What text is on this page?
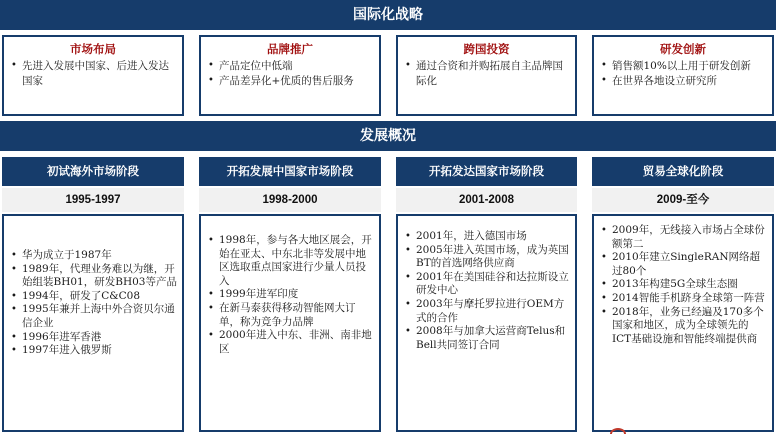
国际化战略
市场布局
• 先进入发展中国家、后进入发达国家
品牌推广
• 产品定位中低端
• 产品差异化+优质的售后服务
跨国投资
• 通过合资和并购拓展自主品牌国际化
研发创新
• 销售额10%以上用于研发创新
• 在世界各地设立研究所
发展概况
初试海外市场阶段
1995-1997
• 华为成立于1987年
• 1989年，代理业务难以为继，开始组装BH01，研发BH03等产品
• 1994年，研发了C&C08
• 1995年兼并上海中外合资贝尔通信企业
• 1996年进军香港
• 1997年进入俄罗斯
开拓发展中国家市场阶段
1998-2000
• 1998年，参与各大地区展会，开始在亚太、中东北非等发展中地区选取重点国家进行少量人员投入
• 1999年进军印度
• 在新马泰获得移动智能网大订单，称为竞争力品牌
• 2000年进入中东、非洲、南非地区
开拓发达国家市场阶段
2001-2008
• 2001年，进入德国市场
• 2005年进入英国市场，成为英国BT的首选网络供应商
• 2001年在美国硅谷和达拉斯设立研发中心
• 2003年与摩托罗拉进行OEM方式的合作
• 2008年与加拿大运营商Telus和Bell共同签订合同
贸易全球化阶段
2009-至今
• 2009年，无线接入市场占全球份额第二
• 2010年建立SingleRAN网络超过80个
• 2013年构建5G全球生态圈
• 2014智能手机跻身全球第一阵营
• 2018年，业务已经遍及170多个国家和地区，成为全球领先的ICT基础设施和智能终端提供商
